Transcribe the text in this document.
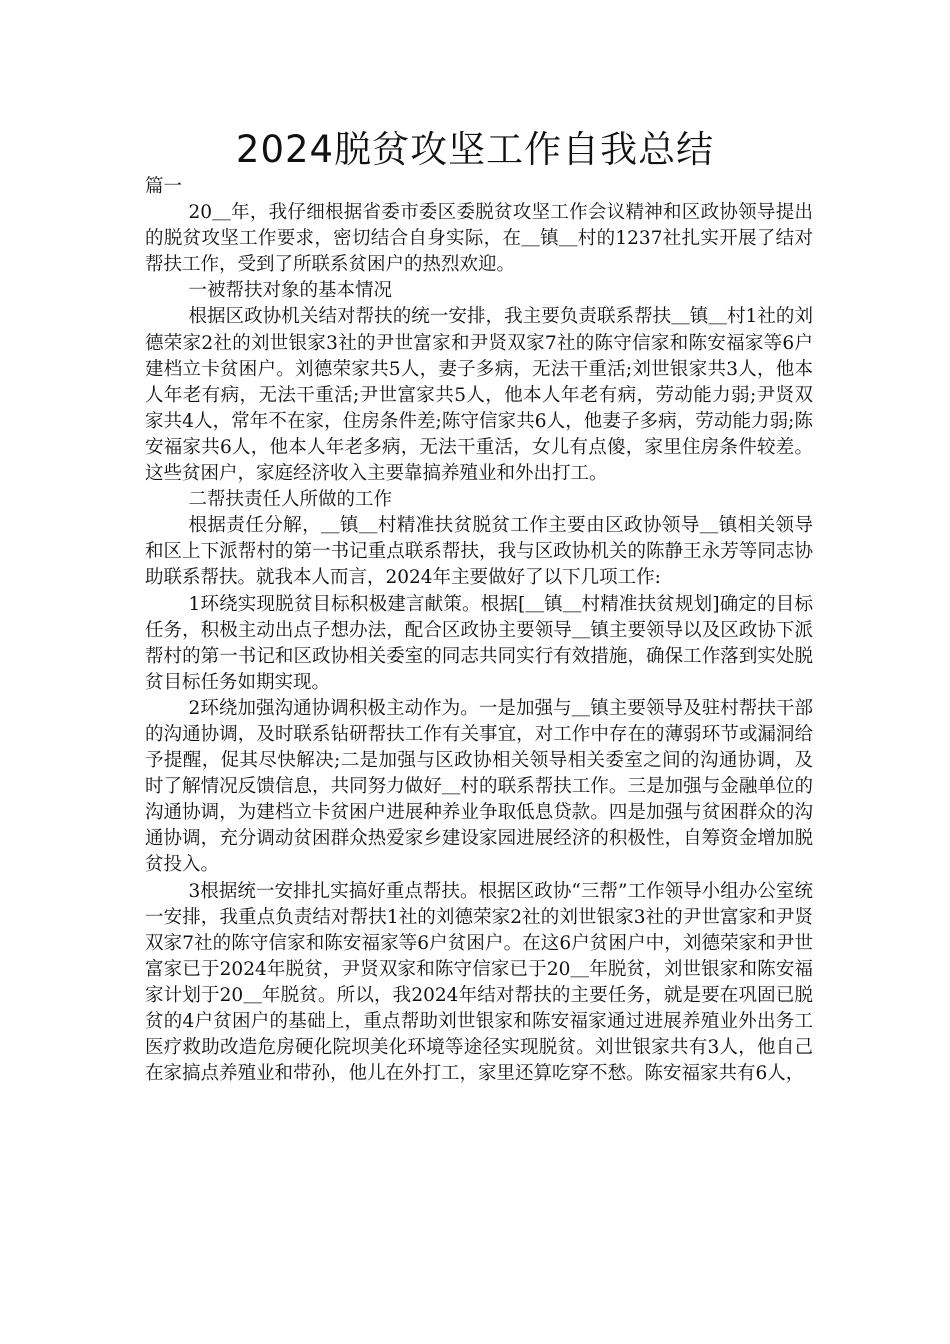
2024脱贫攻坚工作自我总结

篇一

20＿年，我仔细根据省委市委区委脱贫攻坚工作会议精神和区政协领导提出的脱贫攻坚工作要求，密切结合自身实际，在＿镇＿村的1237社扎实开展了结对帮扶工作，受到了所联系贫困户的热烈欢迎。

一被帮扶对象的基本情况

根据区政协机关结对帮扶的统一安排，我主要负责联系帮扶＿镇＿村1社的刘德荣家2社的刘世银家3社的尹世富家和尹贤双家7社的陈守信家和陈安福家等6户建档立卡贫困户。刘德荣家共5人，妻子多病，无法干重活;刘世银家共3人，他本人年老有病，无法干重活;尹世富家共5人，他本人年老有病，劳动能力弱;尹贤双家共4人，常年不在家，住房条件差;陈守信家共6人，他妻子多病，劳动能力弱;陈安福家共6人，他本人年老多病，无法干重活，女儿有点傻，家里住房条件较差。这些贫困户，家庭经济收入主要靠搞养殖业和外出打工。

二帮扶责任人所做的工作

根据责任分解，＿镇＿村精准扶贫脱贫工作主要由区政协领导＿镇相关领导和区上下派帮村的第一书记重点联系帮扶，我与区政协机关的陈静王永芳等同志协助联系帮扶。就我本人而言，2024年主要做好了以下几项工作:

1环绕实现脱贫目标积极建言献策。根据[＿镇＿村精准扶贫规划]确定的目标任务，积极主动出点子想办法，配合区政协主要领导＿镇主要领导以及区政协下派帮村的第一书记和区政协相关委室的同志共同实行有效措施，确保工作落到实处脱贫目标任务如期实现。

2环绕加强沟通协调积极主动作为。一是加强与＿镇主要领导及驻村帮扶干部的沟通协调，及时联系钻研帮扶工作有关事宜，对工作中存在的薄弱环节或漏洞给予提醒，促其尽快解决;二是加强与区政协相关领导相关委室之间的沟通协调，及时了解情况反馈信息，共同努力做好＿村的联系帮扶工作。三是加强与金融单位的沟通协调，为建档立卡贫困户进展种养业争取低息贷款。四是加强与贫困群众的沟通协调，充分调动贫困群众热爱家乡建设家园进展经济的积极性，自筹资金增加脱贫投入。

3根据统一安排扎实搞好重点帮扶。根据区政协“三帮”工作领导小组办公室统一安排，我重点负责结对帮扶1社的刘德荣家2社的刘世银家3社的尹世富家和尹贤双家7社的陈守信家和陈安福家等6户贫困户。在这6户贫困户中，刘德荣家和尹世富家已于2024年脱贫，尹贤双家和陈守信家已于20＿年脱贫，刘世银家和陈安福家计划于20＿年脱贫。所以，我2024年结对帮扶的主要任务，就是要在巩固已脱贫的4户贫困户的基础上，重点帮助刘世银家和陈安福家通过进展养殖业外出务工医疗救助改造危房硬化院坝美化环境等途径实现脱贫。刘世银家共有3人，他自己在家搞点养殖业和带孙，他儿在外打工，家里还算吃穿不愁。陈安福家共有6人，
